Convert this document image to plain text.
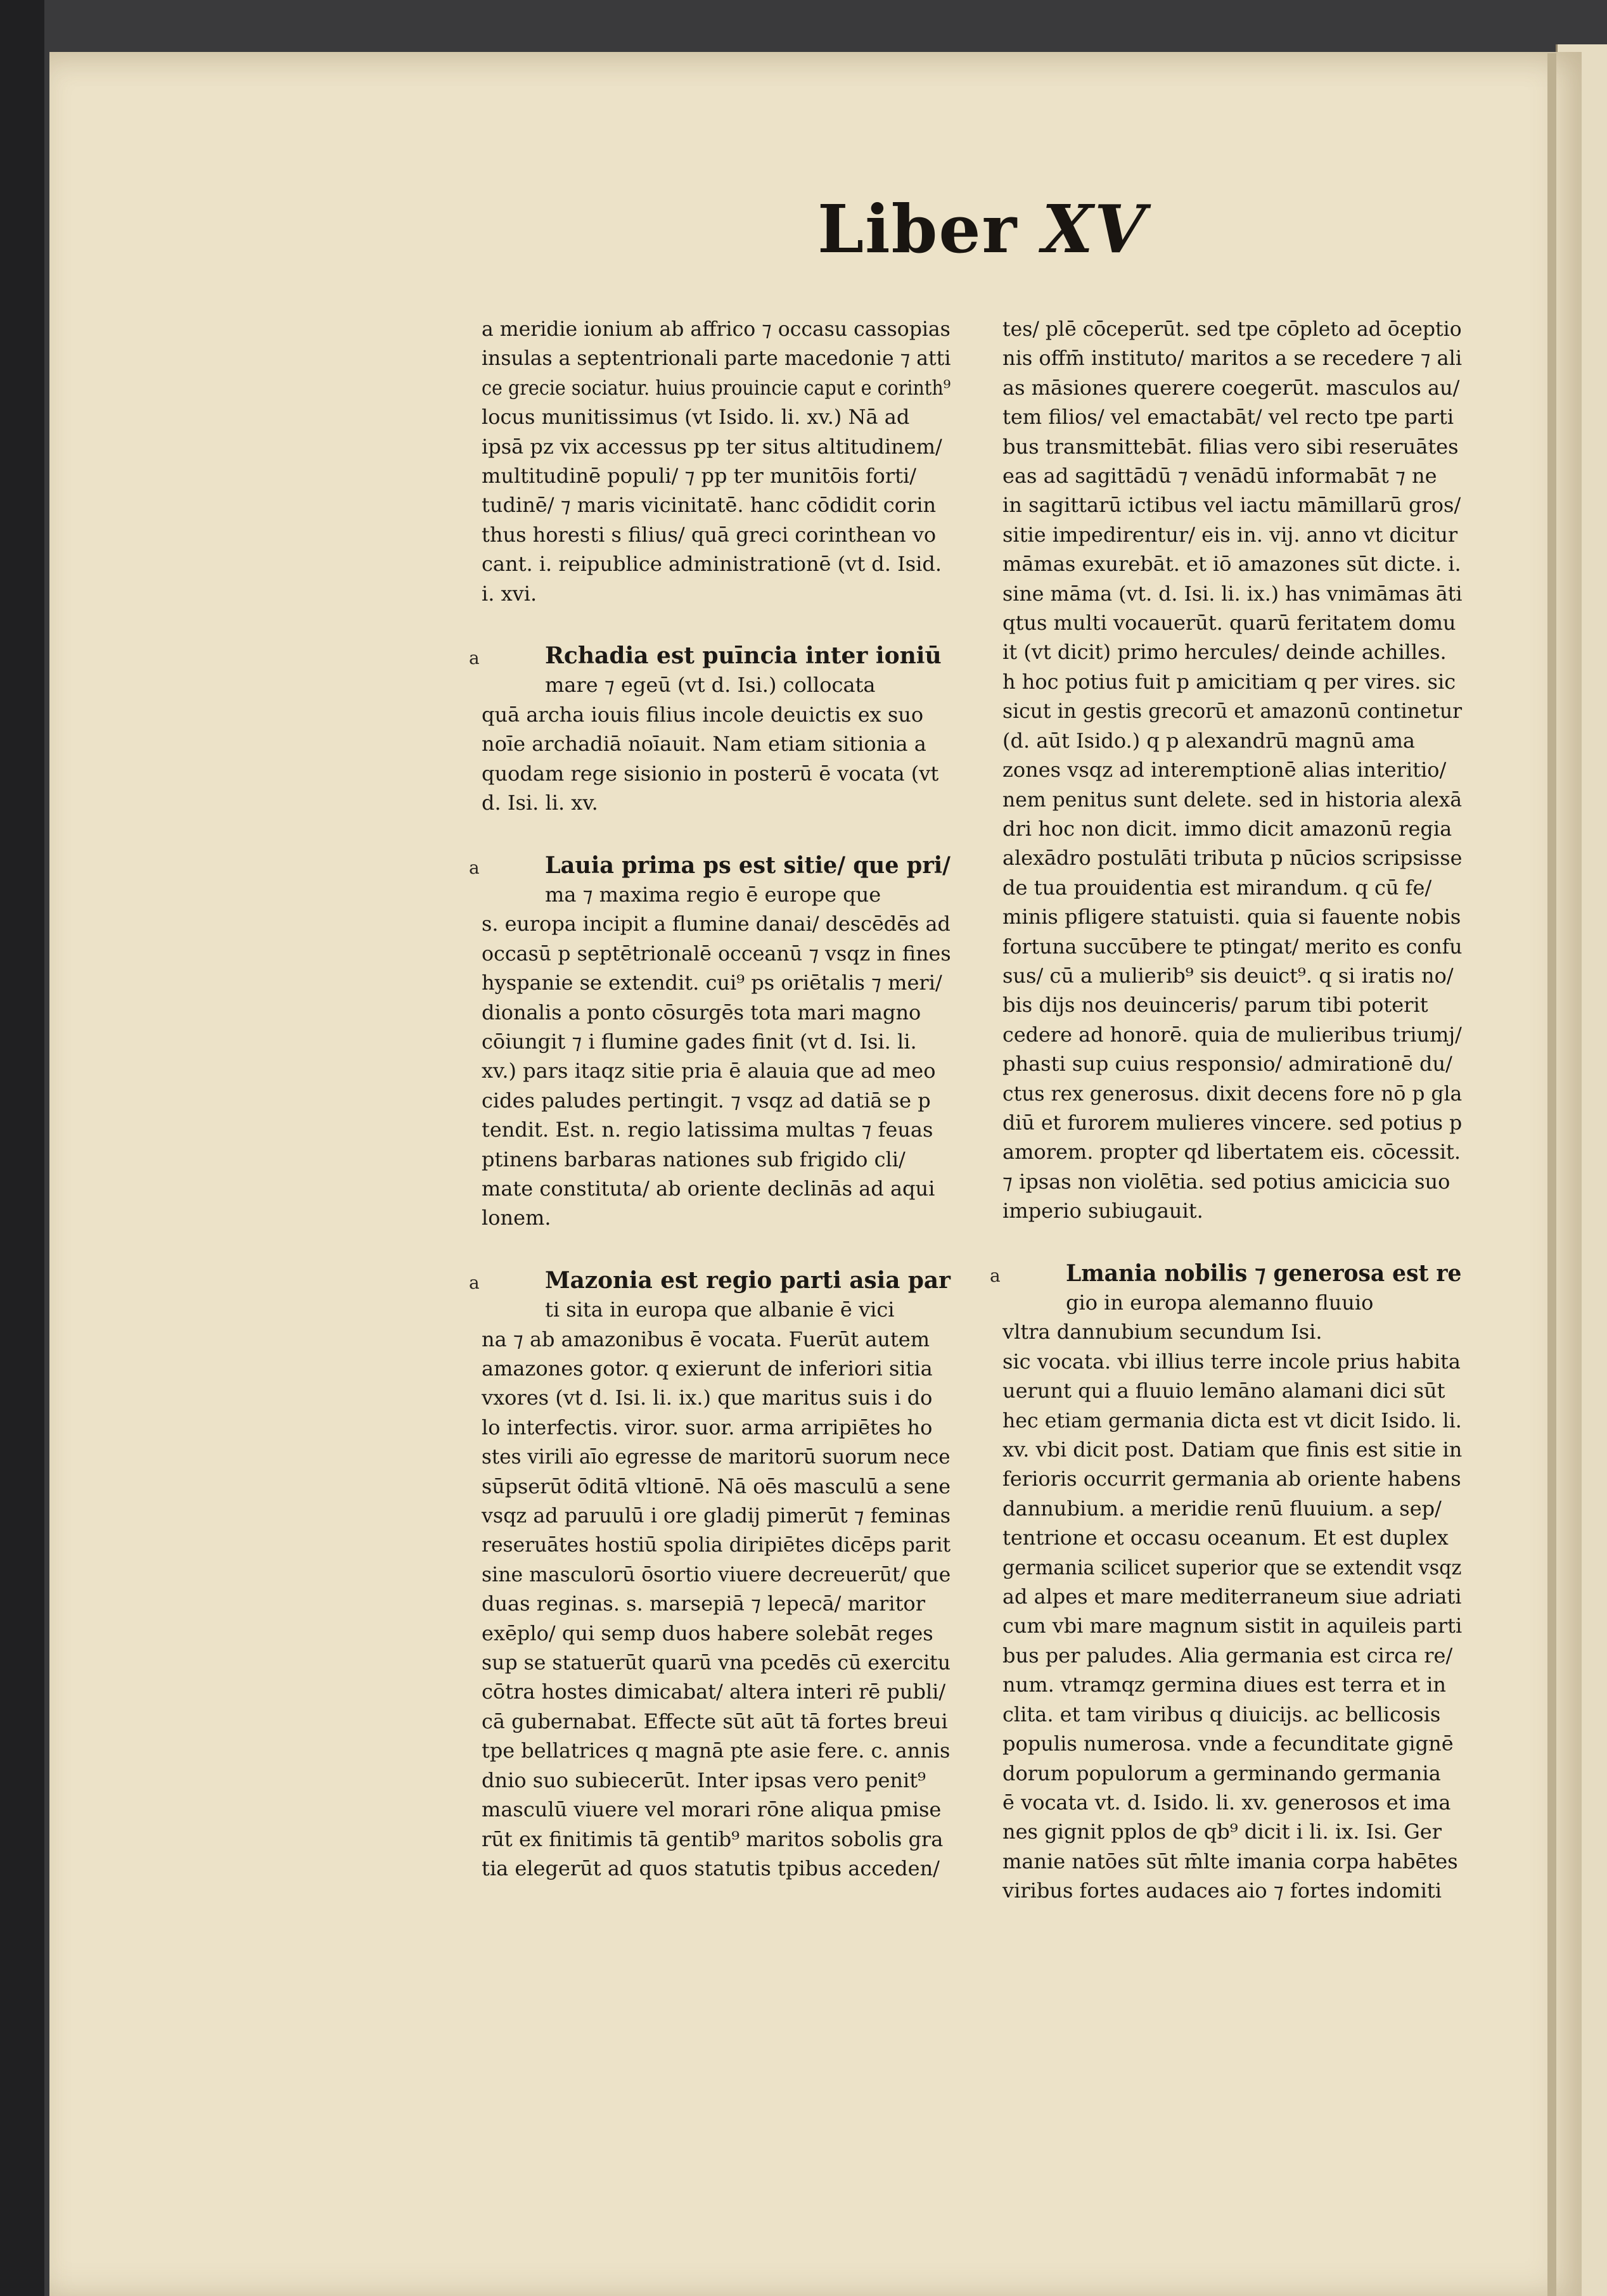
Liber XV
a meridie ionium ab affrico ⁊ occasu cassopias
insulas a septentrionali parte macedonie ⁊ atti
ce grecie sociatur. huius prouincie caput e corinth⁹
locus munitissimus (vt Isido. li. xv.) Nā ad
ipsā pz vix accessus pp ter situs altitudinem/
multitudinē populi/ ⁊ pp ter munitōis forti/
tudinē/ ⁊ maris vicinitatē. hanc cōdidit corin
thus horesti s filius/ quā greci corinthean vo
cant. i. reipublice administrationē (vt d. Isid.
i. xvi.
a	Rchadia est puīncia inter ioniū
mare ⁊ egeū (vt d. Isi.) collocata
quā archa iouis filius incole deuictis ex suo
noīe archadiā noīauit. Nam etiam sitionia a
quodam rege sisionio in posterū ē vocata (vt
d. Isi. li. xv.
a	Lauia prima ps est sitie/ que pri/
ma ⁊ maxima regio ē europe que
s. europa incipit a flumine danai/ descēdēs ad
occasū p septētrionalē occeanū ⁊ vsqz in fines
hyspanie se extendit. cui⁹ ps oriētalis ⁊ meri/
dionalis a ponto cōsurgēs tota mari magno
cōiungit ⁊ i flumine gades finit (vt d. Isi. li.
xv.) pars itaqz sitie pria ē alauia que ad meo
cides paludes pertingit. ⁊ vsqz ad datiā se p
tendit. Est. n. regio latissima multas ⁊ feuas
ptinens barbaras nationes sub frigido cli/
mate constituta/ ab oriente declinās ad aqui
lonem.
a	Mazonia est regio parti asia par
ti sita in europa que albanie ē vici
na ⁊ ab amazonibus ē vocata. Fuerūt autem
amazones gotor. q exierunt de inferiori sitia
vxores (vt d. Isi. li. ix.) que maritus suis i do
lo interfectis. viror. suor. arma arripiētes ho
stes virili aīo egresse de maritorū suorum nece
sūpserūt ōditā vltionē. Nā oēs masculū a sene
vsqz ad paruulū i ore gladij pimerūt ⁊ feminas
reseruātes hostiū spolia diripiētes dicēps parit
sine masculorū ōsortio viuere decreuerūt/ que
duas reginas. s. marsepiā ⁊ lepecā/ maritor
exēplo/ qui semp duos habere solebāt reges
sup se statuerūt quarū vna pcedēs cū exercitu
cōtra hostes dimicabat/ altera interi rē publi/
cā gubernabat. Effecte sūt aūt tā fortes breui
tpe bellatrices q magnā pte asie fere. c. annis
dnio suo subiecerūt. Inter ipsas vero penit⁹
masculū viuere vel morari rōne aliqua pmise
rūt ex finitimis tā gentib⁹ maritos sobolis gra
tia elegerūt ad quos statutis tpibus acceden/
tes/ plē cōceperūt. sed tpe cōpleto ad ōceptio
nis offm̄ instituto/ maritos a se recedere ⁊ ali
as māsiones querere coegerūt. masculos au/
tem filios/ vel emactabāt/ vel recto tpe parti
bus transmittebāt. filias vero sibi reseruātes
eas ad sagittādū ⁊ venādū informabāt ⁊ ne
in sagittarū ictibus vel iactu māmillarū gros/
sitie impedirentur/ eis in. vij. anno vt dicitur
māmas exurebāt. et iō amazones sūt dicte. i.
sine māma (vt. d. Isi. li. ix.) has vnimāmas āti
qtus multi vocauerūt. quarū feritatem domu
it (vt dicit) primo hercules/ deinde achilles.
h hoc potius fuit p amicitiam q per vires. sic
sicut in gestis grecorū et amazonū continetur
(d. aūt Isido.) q p alexandrū magnū ama
zones vsqz ad interemptionē alias interitio/
nem penitus sunt delete. sed in historia alexā
dri hoc non dicit. immo dicit amazonū regia
alexādro postulāti tributa p nūcios scripsisse
de tua prouidentia est mirandum. q cū fe/
minis pfligere statuisti. quia si fauente nobis
fortuna succūbere te ptingat/ merito es confu
sus/ cū a mulierib⁹ sis deuict⁹. q si iratis no/
bis dijs nos deuinceris/ parum tibi poterit
cedere ad honorē. quia de mulieribus triumj/
phasti sup cuius responsio/ admirationē du/
ctus rex generosus. dixit decens fore nō p gla
diū et furorem mulieres vincere. sed potius p
amorem. propter qd libertatem eis. cōcessit.
⁊ ipsas non violētia. sed potius amicicia suo
imperio subiugauit.
a	Lmania nobilis ⁊ generosa est re
gio in europa alemanno fluuio
vltra dannubium secundum Isi.
sic vocata. vbi illius terre incole prius habita
uerunt qui a fluuio lemāno alamani dici sūt
hec etiam germania dicta est vt dicit Isido. li.
xv. vbi dicit post. Datiam que finis est sitie in
ferioris occurrit germania ab oriente habens
dannubium. a meridie renū fluuium. a sep/
tentrione et occasu oceanum. Et est duplex
germania scilicet superior que se extendit vsqz
ad alpes et mare mediterraneum siue adriati
cum vbi mare magnum sistit in aquileis parti
bus per paludes. Alia germania est circa re/
num. vtramqz germina diues est terra et in
clita. et tam viribus q diuicijs. ac bellicosis
populis numerosa. vnde a fecunditate gignē
dorum populorum a germinando germania
ē vocata vt. d. Isido. li. xv. generosos et ima
nes gignit pplos de qb⁹ dicit i li. ix. Isi. Ger
manie natōes sūt m̄lte imania corpa habētes
viribus fortes audaces aio ⁊ fortes indomiti
